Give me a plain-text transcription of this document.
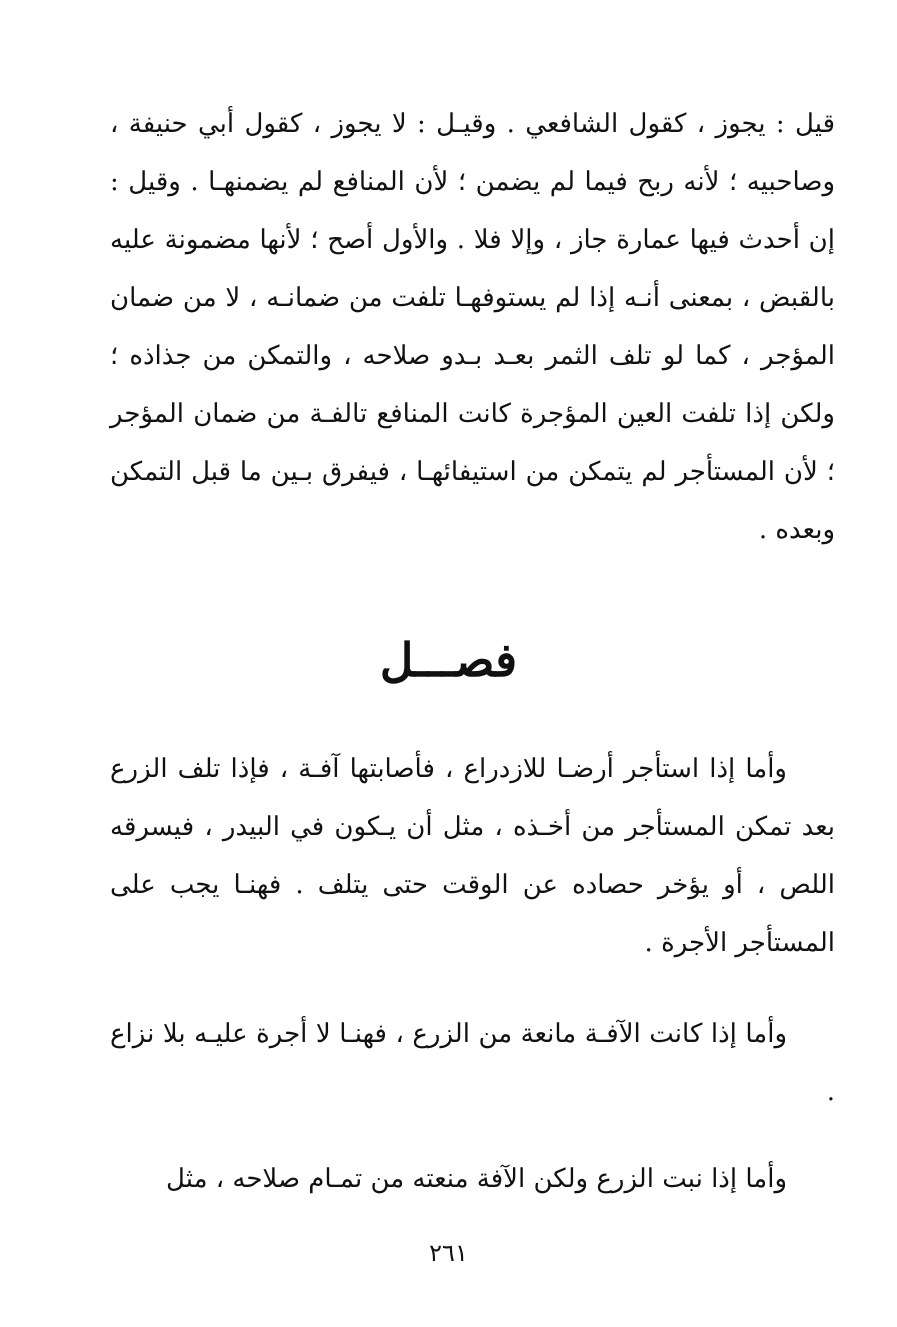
قيل : يجوز ، كقول الشافعي . وقيـل : لا يجوز ، كقول أبي حنيفة ، وصاحبيه ؛ لأنه ربح فيما لم يضمن ؛ لأن المنافع لم يضمنهـا . وقيل : إن أحدث فيها عمارة جاز ، وإلا فلا . والأول أصح ؛ لأنها مضمونة عليه بالقبض ، بمعنى أنـه إذا لم يستوفهـا تلفت من ضمانـه ، لا من ضمان المؤجر ، كما لو تلف الثمر بعـد بـدو صلاحه ، والتمكن من جذاذه ؛ ولكن إذا تلفت العين المؤجرة كانت المنافع تالفـة من ضمان المؤجر ؛ لأن المستأجر لم يتمكن من استيفائهـا ، فيفرق بـين ما قبل التمكن وبعده .

فصـــل

وأما إذا استأجر أرضـا للازدراع ، فأصابتها آفـة ، فإذا تلف الزرع بعد تمكن المستأجر من أخـذه ، مثل أن يـكون في البيدر ، فيسرقه اللص ، أو يؤخر حصاده عن الوقت حتى يتلف . فهنـا يجب على المستأجر الأجرة .

وأما إذا كانت الآفـة مانعة من الزرع ، فهنـا لا أجرة عليـه بلا نزاع .

وأما إذا نبت الزرع ولكن الآفة منعته من تمـام صلاحه ، مثل

٢٦١
